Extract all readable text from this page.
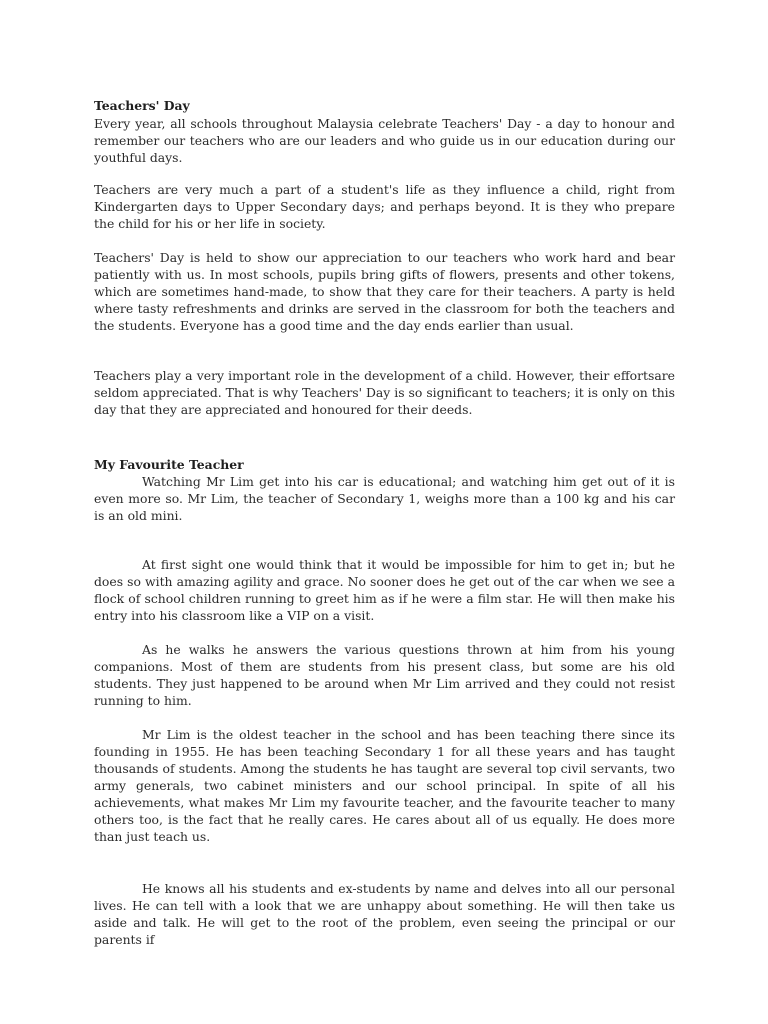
Teachers' Day

Every year, all schools throughout Malaysia celebrate Teachers' Day - a day to honour and remember our teachers who are our leaders and who guide us in our education during our youthful days.

Teachers are very much a part of a student's life as they influence a child, right from Kindergarten days to Upper Secondary days; and perhaps beyond. It is they who prepare the child for his or her life in society.

Teachers' Day is held to show our appreciation to our teachers who work hard and bear patiently with us. In most schools, pupils bring gifts of flowers, presents and other tokens, which are sometimes hand-made, to show that they care for their teachers. A party is held where tasty refreshments and drinks are served in the classroom for both the teachers and the students. Everyone has a good time and the day ends earlier than usual.

Teachers play a very important role in the development of a child. However, their effortsare seldom appreciated. That is why Teachers' Day is so significant to teachers; it is only on this day that they are appreciated and honoured for their deeds.

My Favourite Teacher

Watching Mr Lim get into his car is educational; and watching him get out of it is even more so. Mr Lim, the teacher of Secondary 1, weighs more than a 100 kg and his car is an old mini.

At first sight one would think that it would be impossible for him to get in; but he does so with amazing agility and grace. No sooner does he get out of the car when we see a flock of school children running to greet him as if he were a film star. He will then make his entry into his classroom like a VIP on a visit.

As he walks he answers the various questions thrown at him from his young companions. Most of them are students from his present class, but some are his old students. They just happened to be around when Mr Lim arrived and they could not resist running to him.

Mr Lim is the oldest teacher in the school and has been teaching there since its founding in 1955. He has been teaching Secondary 1 for all these years and has taught thousands of students. Among the students he has taught are several top civil servants, two army generals, two cabinet ministers and our school principal. In spite of all his achievements, what makes Mr Lim my favourite teacher, and the favourite teacher to many others too, is the fact that he really cares. He cares about all of us equally. He does more than just teach us.

He knows all his students and ex-students by name and delves into all our personal lives. He can tell with a look that we are unhappy about something. He will then take us aside and talk. He will get to the root of the problem, even seeing the principal or our parents if
